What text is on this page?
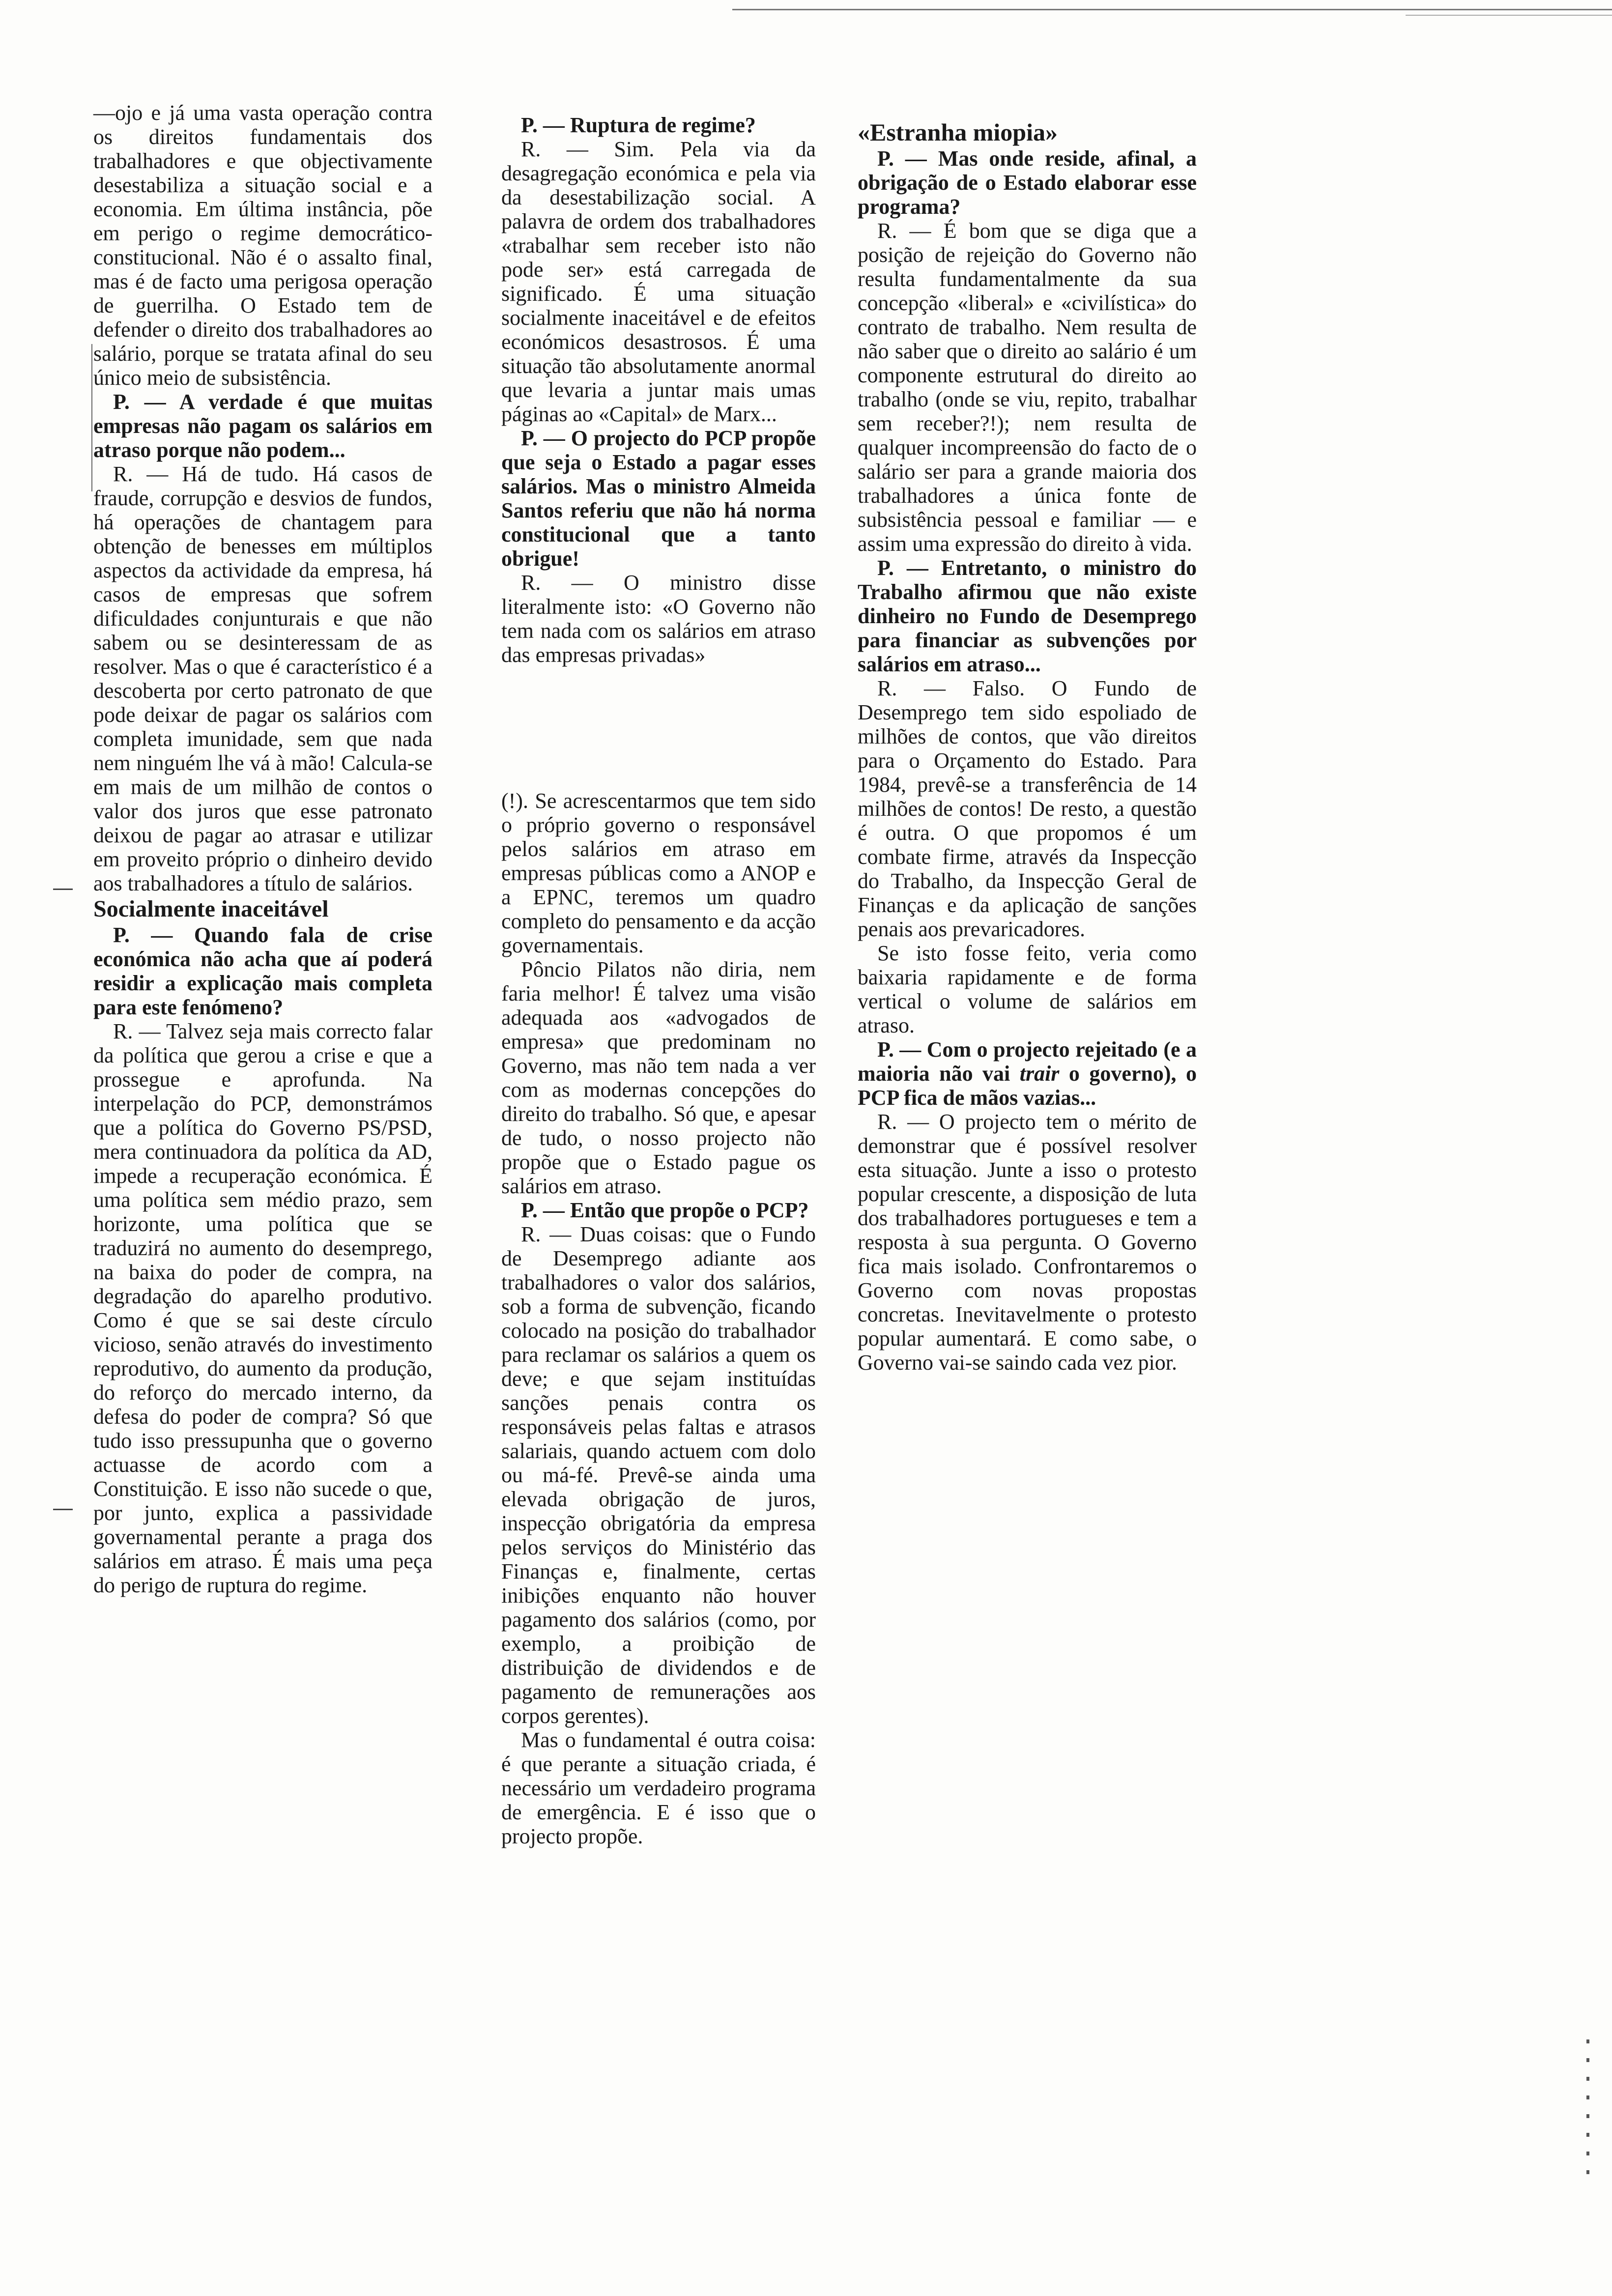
—ojo e já uma vasta operação contra os direitos fundamentais dos trabalhadores e que objectivamente desestabiliza a situação social e a economia. Em última instância, põe em perigo o regime democrático-constitucional. Não é o assalto final, mas é de facto uma perigosa operação de guerrilha. O Estado tem de defender o direito dos trabalhadores ao salário, porque se tratata afinal do seu único meio de subsistência.

P. — A verdade é que muitas empresas não pagam os salários em atraso porque não podem...

R. — Há de tudo. Há casos de fraude, corrupção e desvios de fundos, há operações de chantagem para obtenção de benesses em múltiplos aspectos da actividade da empresa, há casos de empresas que sofrem dificuldades conjunturais e que não sabem ou se desinteressam de as resolver. Mas o que é característico é a descoberta por certo patronato de que pode deixar de pagar os salários com completa imunidade, sem que nada nem ninguém lhe vá à mão! Calcula-se em mais de um milhão de contos o valor dos juros que esse patronato deixou de pagar ao atrasar e utilizar em proveito próprio o dinheiro devido aos trabalhadores a título de salários.

Socialmente inaceitável

P. — Quando fala de crise económica não acha que aí poderá residir a explicação mais completa para este fenómeno?

R. — Talvez seja mais correcto falar da política que gerou a crise e que a prossegue e aprofunda. Na interpelação do PCP, demonstrámos que a política do Governo PS/PSD, mera continuadora da política da AD, impede a recuperação económica. É uma política sem médio prazo, sem horizonte, uma política que se traduzirá no aumento do desemprego, na baixa do poder de compra, na degradação do aparelho produtivo. Como é que se sai deste círculo vicioso, senão através do investimento reprodutivo, do aumento da produção, do reforço do mercado interno, da defesa do poder de compra? Só que tudo isso pressupunha que o governo actuasse de acordo com a Constituição. E isso não sucede o que, por junto, explica a passividade governamental perante a praga dos salários em atraso. É mais uma peça do perigo de ruptura do regime.

P. — Ruptura de regime?

R. — Sim. Pela via da desagregação económica e pela via da desestabilização social. A palavra de ordem dos trabalhadores «trabalhar sem receber isto não pode ser» está carregada de significado. É uma situação socialmente inaceitável e de efeitos económicos desastrosos. É uma situação tão absolutamente anormal que levaria a juntar mais umas páginas ao «Capital» de Marx...

P. — O projecto do PCP propõe que seja o Estado a pagar esses salários. Mas o ministro Almeida Santos referiu que não há norma constitucional que a tanto obrigue!

R. — O ministro disse literalmente isto: «O Governo não tem nada com os salários em atraso das empresas privadas»

(!). Se acrescentarmos que tem sido o próprio governo o responsável pelos salários em atraso em empresas públicas como a ANOP e a EPNC, teremos um quadro completo do pensamento e da acção governamentais.

Pôncio Pilatos não diria, nem faria melhor! É talvez uma visão adequada aos «advogados de empresa» que predominam no Governo, mas não tem nada a ver com as modernas concepções do direito do trabalho. Só que, e apesar de tudo, o nosso projecto não propõe que o Estado pague os salários em atraso.

P. — Então que propõe o PCP?

R. — Duas coisas: que o Fundo de Desemprego adiante aos trabalhadores o valor dos salários, sob a forma de subvenção, ficando colocado na posição do trabalhador para reclamar os salários a quem os deve; e que sejam instituídas sanções penais contra os responsáveis pelas faltas e atrasos salariais, quando actuem com dolo ou má-fé. Prevê-se ainda uma elevada obrigação de juros, inspecção obrigatória da empresa pelos serviços do Ministério das Finanças e, finalmente, certas inibições enquanto não houver pagamento dos salários (como, por exemplo, a proibição de distribuição de dividendos e de pagamento de remunerações aos corpos gerentes).

Mas o fundamental é outra coisa: é que perante a situação criada, é necessário um verdadeiro programa de emergência. E é isso que o projecto propõe.

«Estranha miopia»

P. — Mas onde reside, afinal, a obrigação de o Estado elaborar esse programa?

R. — É bom que se diga que a posição de rejeição do Governo não resulta fundamentalmente da sua concepção «liberal» e «civilística» do contrato de trabalho. Nem resulta de não saber que o direito ao salário é um componente estrutural do direito ao trabalho (onde se viu, repito, trabalhar sem receber?!); nem resulta de qualquer incompreensão do facto de o salário ser para a grande maioria dos trabalhadores a única fonte de subsistência pessoal e familiar — e assim uma expressão do direito à vida.

P. — Entretanto, o ministro do Trabalho afirmou que não existe dinheiro no Fundo de Desemprego para financiar as subvenções por salários em atraso...

R. — Falso. O Fundo de Desemprego tem sido espoliado de milhões de contos, que vão direitos para o Orçamento do Estado. Para 1984, prevê-se a transferência de 14 milhões de contos! De resto, a questão é outra. O que propomos é um combate firme, através da Inspecção do Trabalho, da Inspecção Geral de Finanças e da aplicação de sanções penais aos prevaricadores.

Se isto fosse feito, veria como baixaria rapidamente e de forma vertical o volume de salários em atraso.

P. — Com o projecto rejeitado (e a maioria não vai trair o governo), o PCP fica de mãos vazias...

R. — O projecto tem o mérito de demonstrar que é possível resolver esta situação. Junte a isso o protesto popular crescente, a disposição de luta dos trabalhadores portugueses e tem a resposta à sua pergunta. O Governo fica mais isolado. Confrontaremos o Governo com novas propostas concretas. Inevitavelmente o protesto popular aumentará. E como sabe, o Governo vai-se saindo cada vez pior.
